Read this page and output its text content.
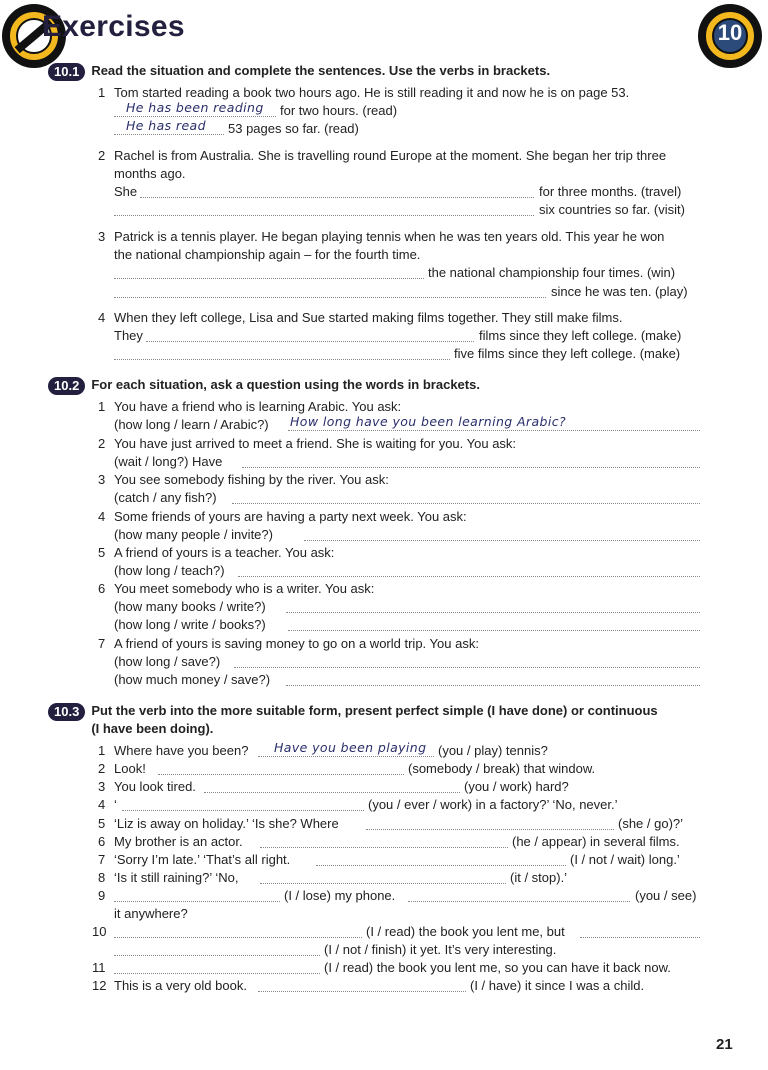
Exercises	10
10.1 Read the situation and complete the sentences. Use the verbs in brackets.
1 Tom started reading a book two hours ago. He is still reading it and now he is on page 53.
He has been reading for two hours. (read)
He has read 53 pages so far. (read)
2 Rachel is from Australia. She is travelling round Europe at the moment. She began her trip three
months ago.
She	for three months. (travel)
six countries so far. (visit)
3 Patrick is a tennis player. He began playing tennis when he was ten years old. This year he won
the national championship again – for the fourth time.
the national championship four times. (win)
since he was ten. (play)
4 When they left college, Lisa and Sue started making films together. They still make films.
They	films since they left college. (make)
five films since they left college. (make)
10.2 For each situation, ask a question using the words in brackets.
1 You have a friend who is learning Arabic. You ask:
(how long / learn / Arabic?) How long have you been learning Arabic?
2 You have just arrived to meet a friend. She is waiting for you. You ask:
(wait / long?) Have
3 You see somebody fishing by the river. You ask:
(catch / any fish?)
4 Some friends of yours are having a party next week. You ask:
(how many people / invite?)
5 A friend of yours is a teacher. You ask:
(how long / teach?)
6 You meet somebody who is a writer. You ask:
(how many books / write?)
(how long / write / books?)
7 A friend of yours is saving money to go on a world trip. You ask:
(how long / save?)
(how much money / save?)
10.3 Put the verb into the more suitable form, present perfect simple (I have done) or continuous
(I have been doing).
1 Where have you been? Have you been playing (you / play) tennis?
2 Look!	(somebody / break) that window.
3 You look tired.	(you / work) hard?
4 ‘	(you / ever / work) in a factory?’ ‘No, never.’
5 ‘Liz is away on holiday.’ ‘Is she? Where	(she / go)?’
6 My brother is an actor.	(he / appear) in several films.
7 ‘Sorry I’m late.’ ‘That’s all right.	(I / not / wait) long.’
8 ‘Is it still raining?’ ‘No,	(it / stop).’
9	(I / lose) my phone.	(you / see)
it anywhere?
10	(I / read) the book you lent me, but
(I / not / finish) it yet. It’s very interesting.
11	(I / read) the book you lent me, so you can have it back now.
12 This is a very old book.	(I / have) it since I was a child.
21
